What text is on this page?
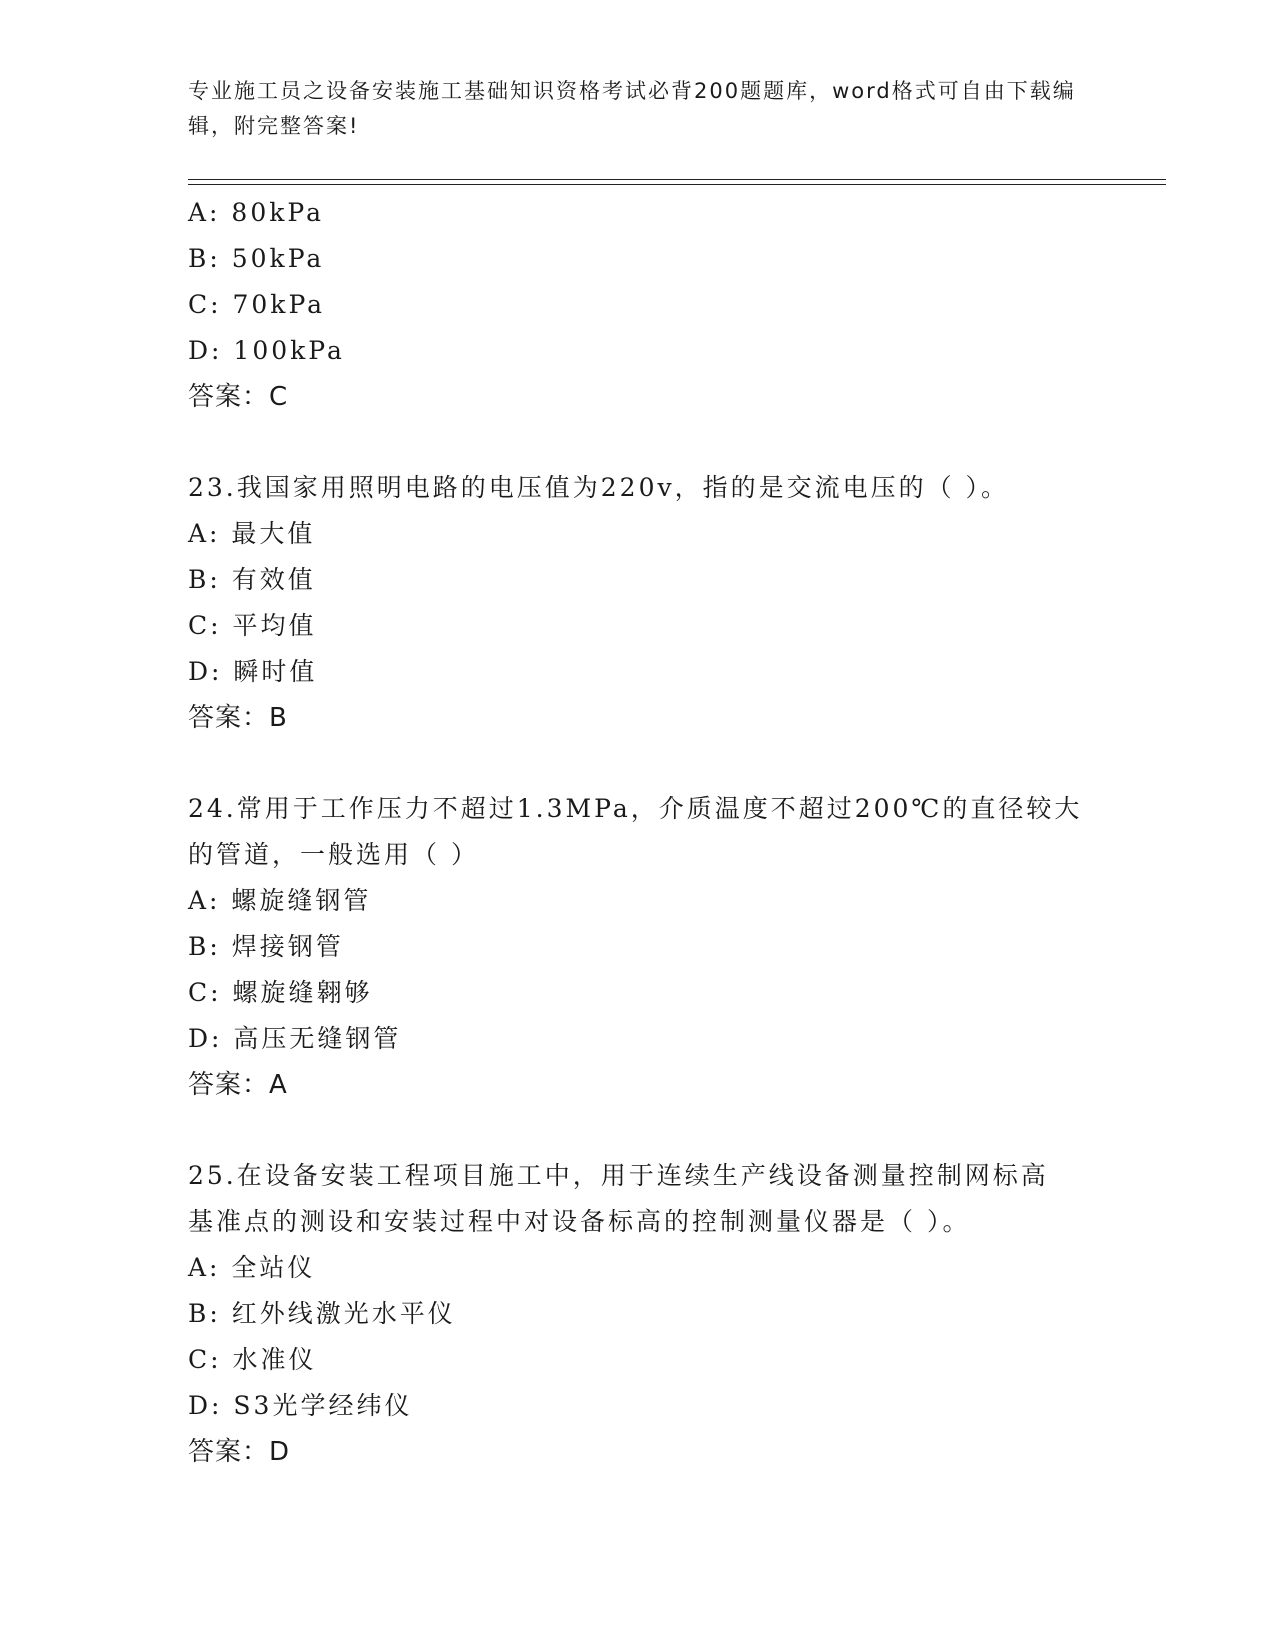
专业施工员之设备安装施工基础知识资格考试必背200题题库，word格式可自由下载编辑，附完整答案!
A: 80kPa
B: 50kPa
C: 70kPa
D: 100kPa
答案：C
23.我国家用照明电路的电压值为220v，指的是交流电压的（ ）。
A: 最大值
B: 有效值
C: 平均值
D: 瞬时值
答案：B
24.常用于工作压力不超过1.3MPa，介质温度不超过200℃的直径较大
的管道，一般选用（ ）
A: 螺旋缝钢管
B: 焊接钢管
C: 螺旋缝翱够
D: 高压无缝钢管
答案：A
25.在设备安装工程项目施工中，用于连续生产线设备测量控制网标高
基准点的测设和安装过程中对设备标高的控制测量仪器是（ ）。
A: 全站仪
B: 红外线激光水平仪
C: 水准仪
D: S3光学经纬仪
答案：D
